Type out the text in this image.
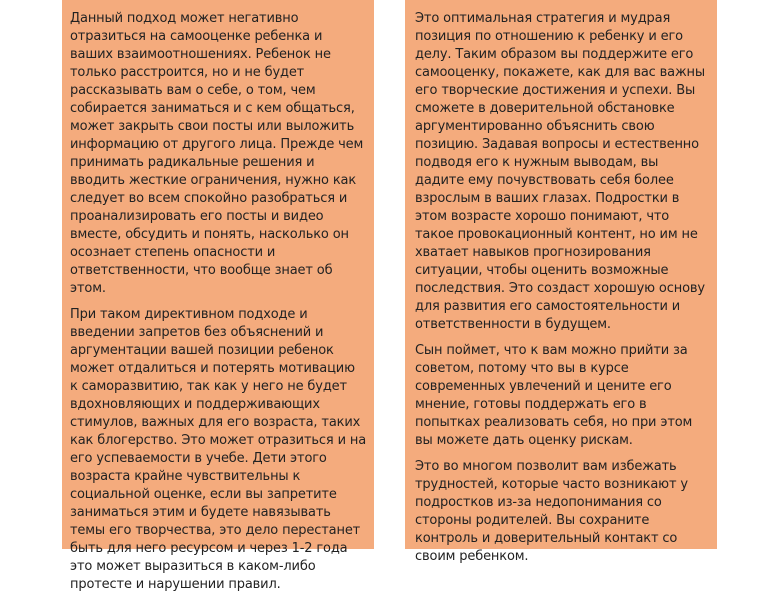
Данный подход может негативно отразиться на самооценке ребенка и ваших взаимоотношениях. Ребенок не только расстроится, но и не будет рассказывать вам о себе, о том, чем собирается заниматься и с кем общаться, может закрыть свои посты или выложить информацию от другого лица. Прежде чем принимать радикальные решения и вводить жесткие ограничения, нужно как следует во всем спокойно разобраться и проанализировать его посты и видео вместе, обсудить и понять, насколько он осознает степень опасности и ответственности, что вообще знает об этом.

При таком директивном подходе и введении запретов без объяснений и аргументации вашей позиции ребенок может отдалиться и потерять мотивацию к саморазвитию, так как у него не будет вдохновляющих и поддерживающих стимулов, важных для его возраста, таких как блогерство. Это может отразиться и на его успеваемости в учебе. Дети этого возраста крайне чувствительны к социальной оценке, если вы запретите заниматься этим и будете навязывать темы его творчества, это дело перестанет быть для него ресурсом и через 1-2 года это может выразиться в каком-либо протесте и нарушении правил.

Это оптимальная стратегия и мудрая позиция по отношению к ребенку и его делу. Таким образом вы поддержите его самооценку, покажете, как для вас важны его творческие достижения и успехи. Вы сможете в доверительной обстановке аргументированно объяснить свою позицию. Задавая вопросы и естественно подводя его к нужным выводам, вы дадите ему почувствовать себя более взрослым в ваших глазах. Подростки в этом возрасте хорошо понимают, что такое провокационный контент, но им не хватает навыков прогнозирования ситуации, чтобы оценить возможные последствия. Это создаст хорошую основу для развития его самостоятельности и ответственности в будущем.

Сын поймет, что к вам можно прийти за советом, потому что вы в курсе современных увлечений и цените его мнение, готовы поддержать его в попытках реализовать себя, но при этом вы можете дать оценку рискам.

Это во многом позволит вам избежать трудностей, которые часто возникают у подростков из-за недопонимания со стороны родителей. Вы сохраните контроль и доверительный контакт со своим ребенком.
